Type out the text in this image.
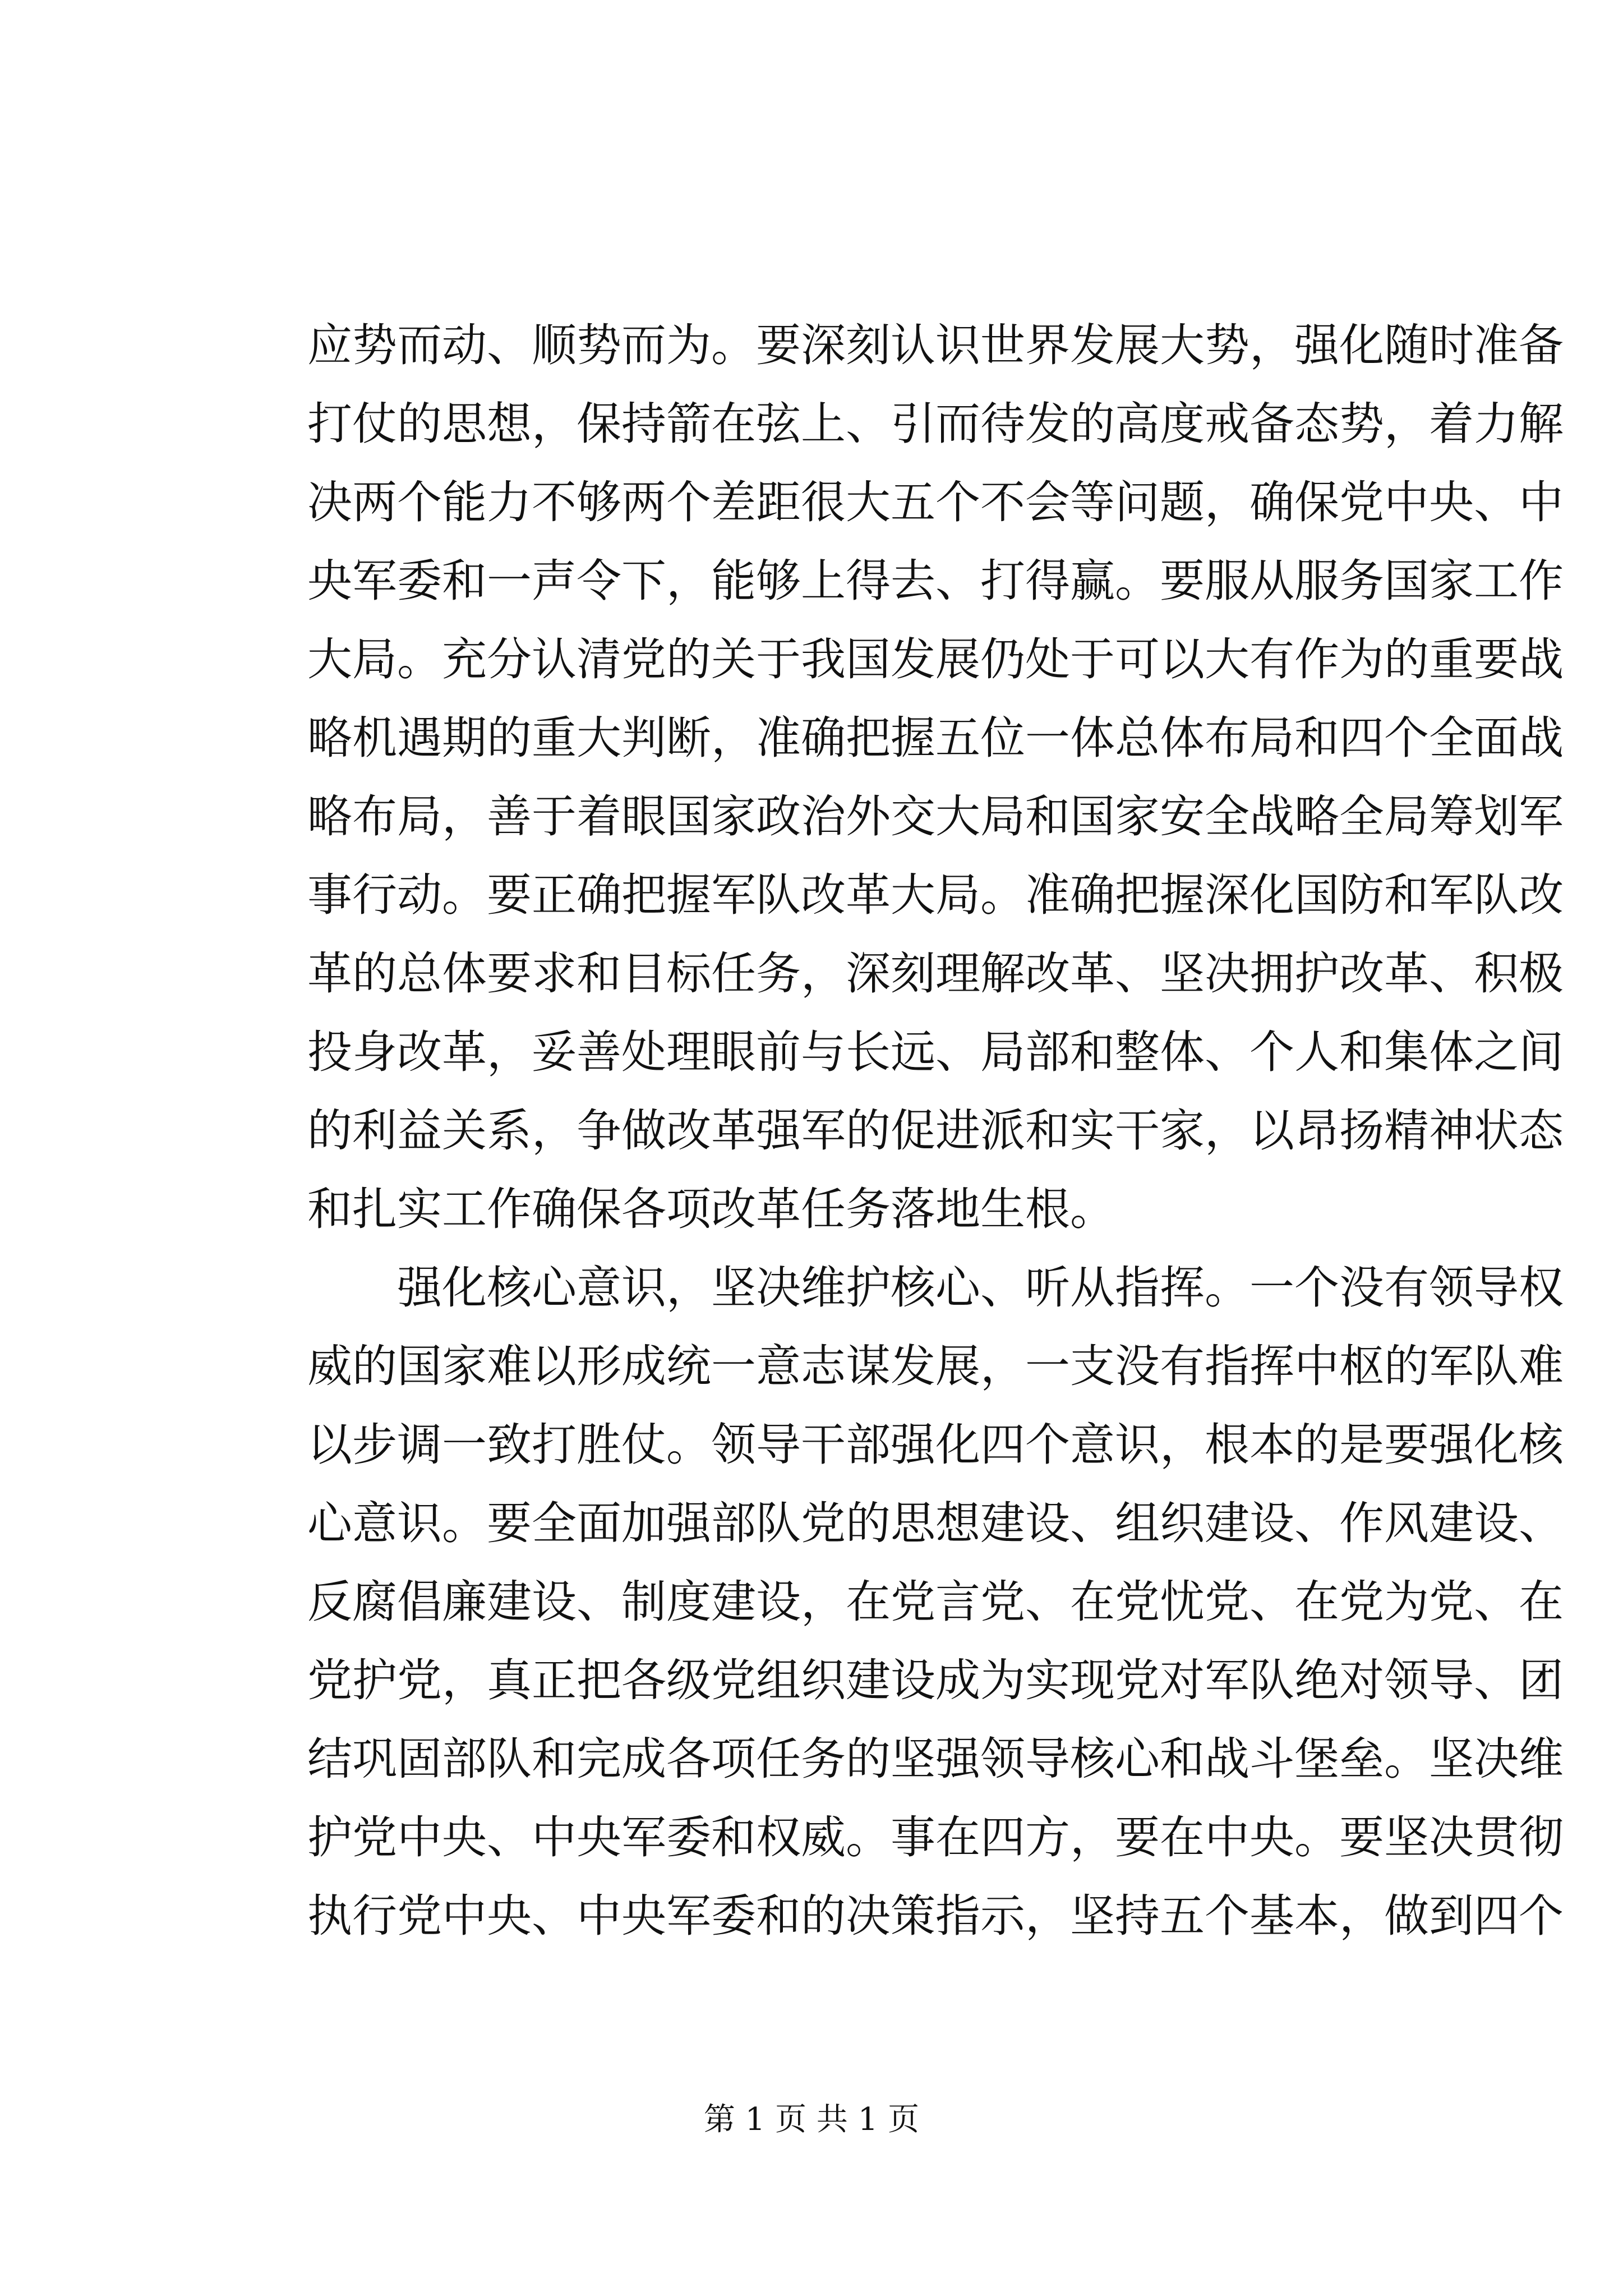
应势而动、顺势而为。要深刻认识世界发展大势，强化随时准备
打仗的思想，保持箭在弦上、引而待发的高度戒备态势，着力解
决两个能力不够两个差距很大五个不会等问题，确保党中央、中
央军委和一声令下，能够上得去、打得赢。要服从服务国家工作
大局。充分认清党的关于我国发展仍处于可以大有作为的重要战
略机遇期的重大判断，准确把握五位一体总体布局和四个全面战
略布局，善于着眼国家政治外交大局和国家安全战略全局筹划军
事行动。要正确把握军队改革大局。准确把握深化国防和军队改
革的总体要求和目标任务，深刻理解改革、坚决拥护改革、积极
投身改革，妥善处理眼前与长远、局部和整体、个人和集体之间
的利益关系，争做改革强军的促进派和实干家，以昂扬精神状态
和扎实工作确保各项改革任务落地生根。
　　强化核心意识，坚决维护核心、听从指挥。一个没有领导权
威的国家难以形成统一意志谋发展，一支没有指挥中枢的军队难
以步调一致打胜仗。领导干部强化四个意识，根本的是要强化核
心意识。要全面加强部队党的思想建设、组织建设、作风建设、
反腐倡廉建设、制度建设，在党言党、在党忧党、在党为党、在
党护党，真正把各级党组织建设成为实现党对军队绝对领导、团
结巩固部队和完成各项任务的坚强领导核心和战斗堡垒。坚决维
护党中央、中央军委和权威。事在四方，要在中央。要坚决贯彻
执行党中央、中央军委和的决策指示，坚持五个基本，做到四个
第 1 页 共 1 页
